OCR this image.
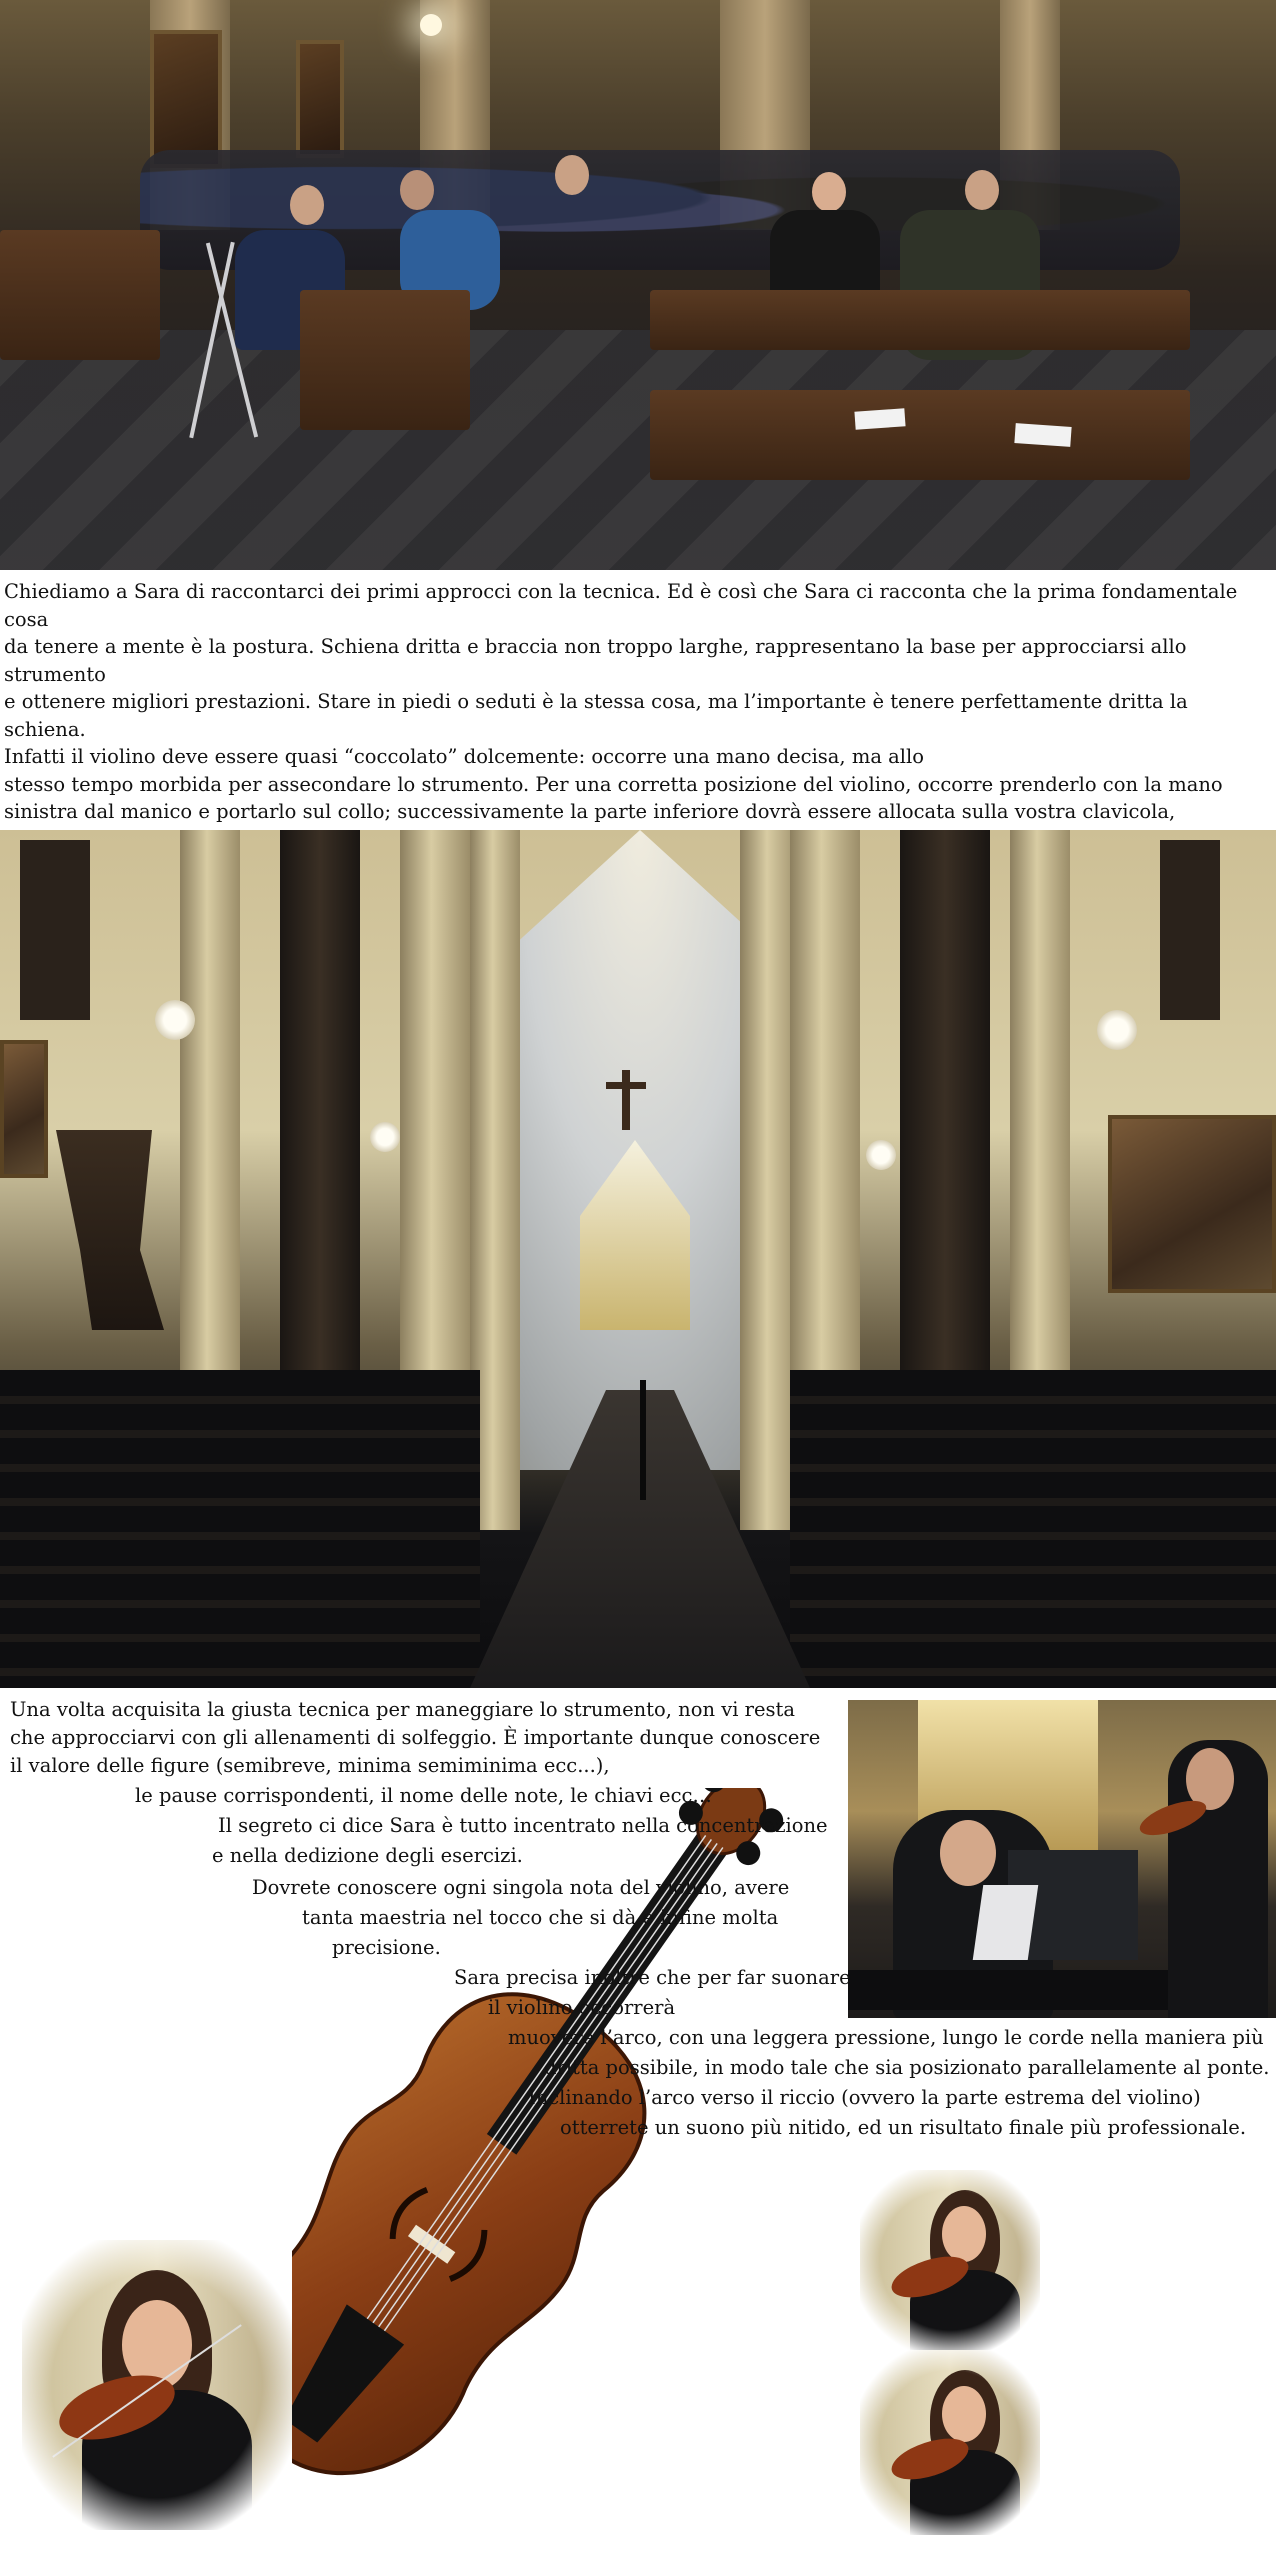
Chiediamo a Sara di raccontarci dei primi approcci con la tecnica. Ed è così che Sara ci racconta che la prima fondamentale cosa

da tenere a mente è la postura. Schiena dritta e braccia non troppo larghe, rappresentano la base per approcciarsi allo strumento

e ottenere migliori prestazioni. Stare in piedi o seduti è la stessa cosa, ma l’importante è tenere perfettamente dritta la schiena.

Infatti il violino deve essere quasi “coccolato” dolcemente: occorre una mano decisa, ma allo

stesso tempo morbida per assecondare lo strumento. Per una corretta posizione del violino, occorre prenderlo con la mano

sinistra dal manico e portarlo sul collo; successivamente la parte inferiore dovrà essere allocata sulla vostra clavicola,

Una volta acquisita la giusta tecnica per maneggiare lo strumento, non vi resta
che approcciarvi con gli allenamenti di solfeggio. È importante dunque conoscere
il valore delle figure (semibreve, minima semiminima ecc...),
le pause corrispondenti, il nome delle note, le chiavi ecc…
Il segreto ci dice Sara è tutto incentrato nella concentrazione
e nella dedizione degli esercizi.
Dovrete conoscere ogni singola nota del violino, avere
tanta maestria nel tocco che si dà e infine molta
precisione.
Sara precisa inoltre che per far suonare
il violino occorrerà
muovere l’arco, con una leggera pressione, lungo le corde nella maniera più
dritta possibile, in modo tale che sia posizionato parallelamente al ponte.
Inclinando l’arco verso il riccio (ovvero la parte estrema del violino)
otterrete un suono più nitido, ed un risultato finale più professionale.
